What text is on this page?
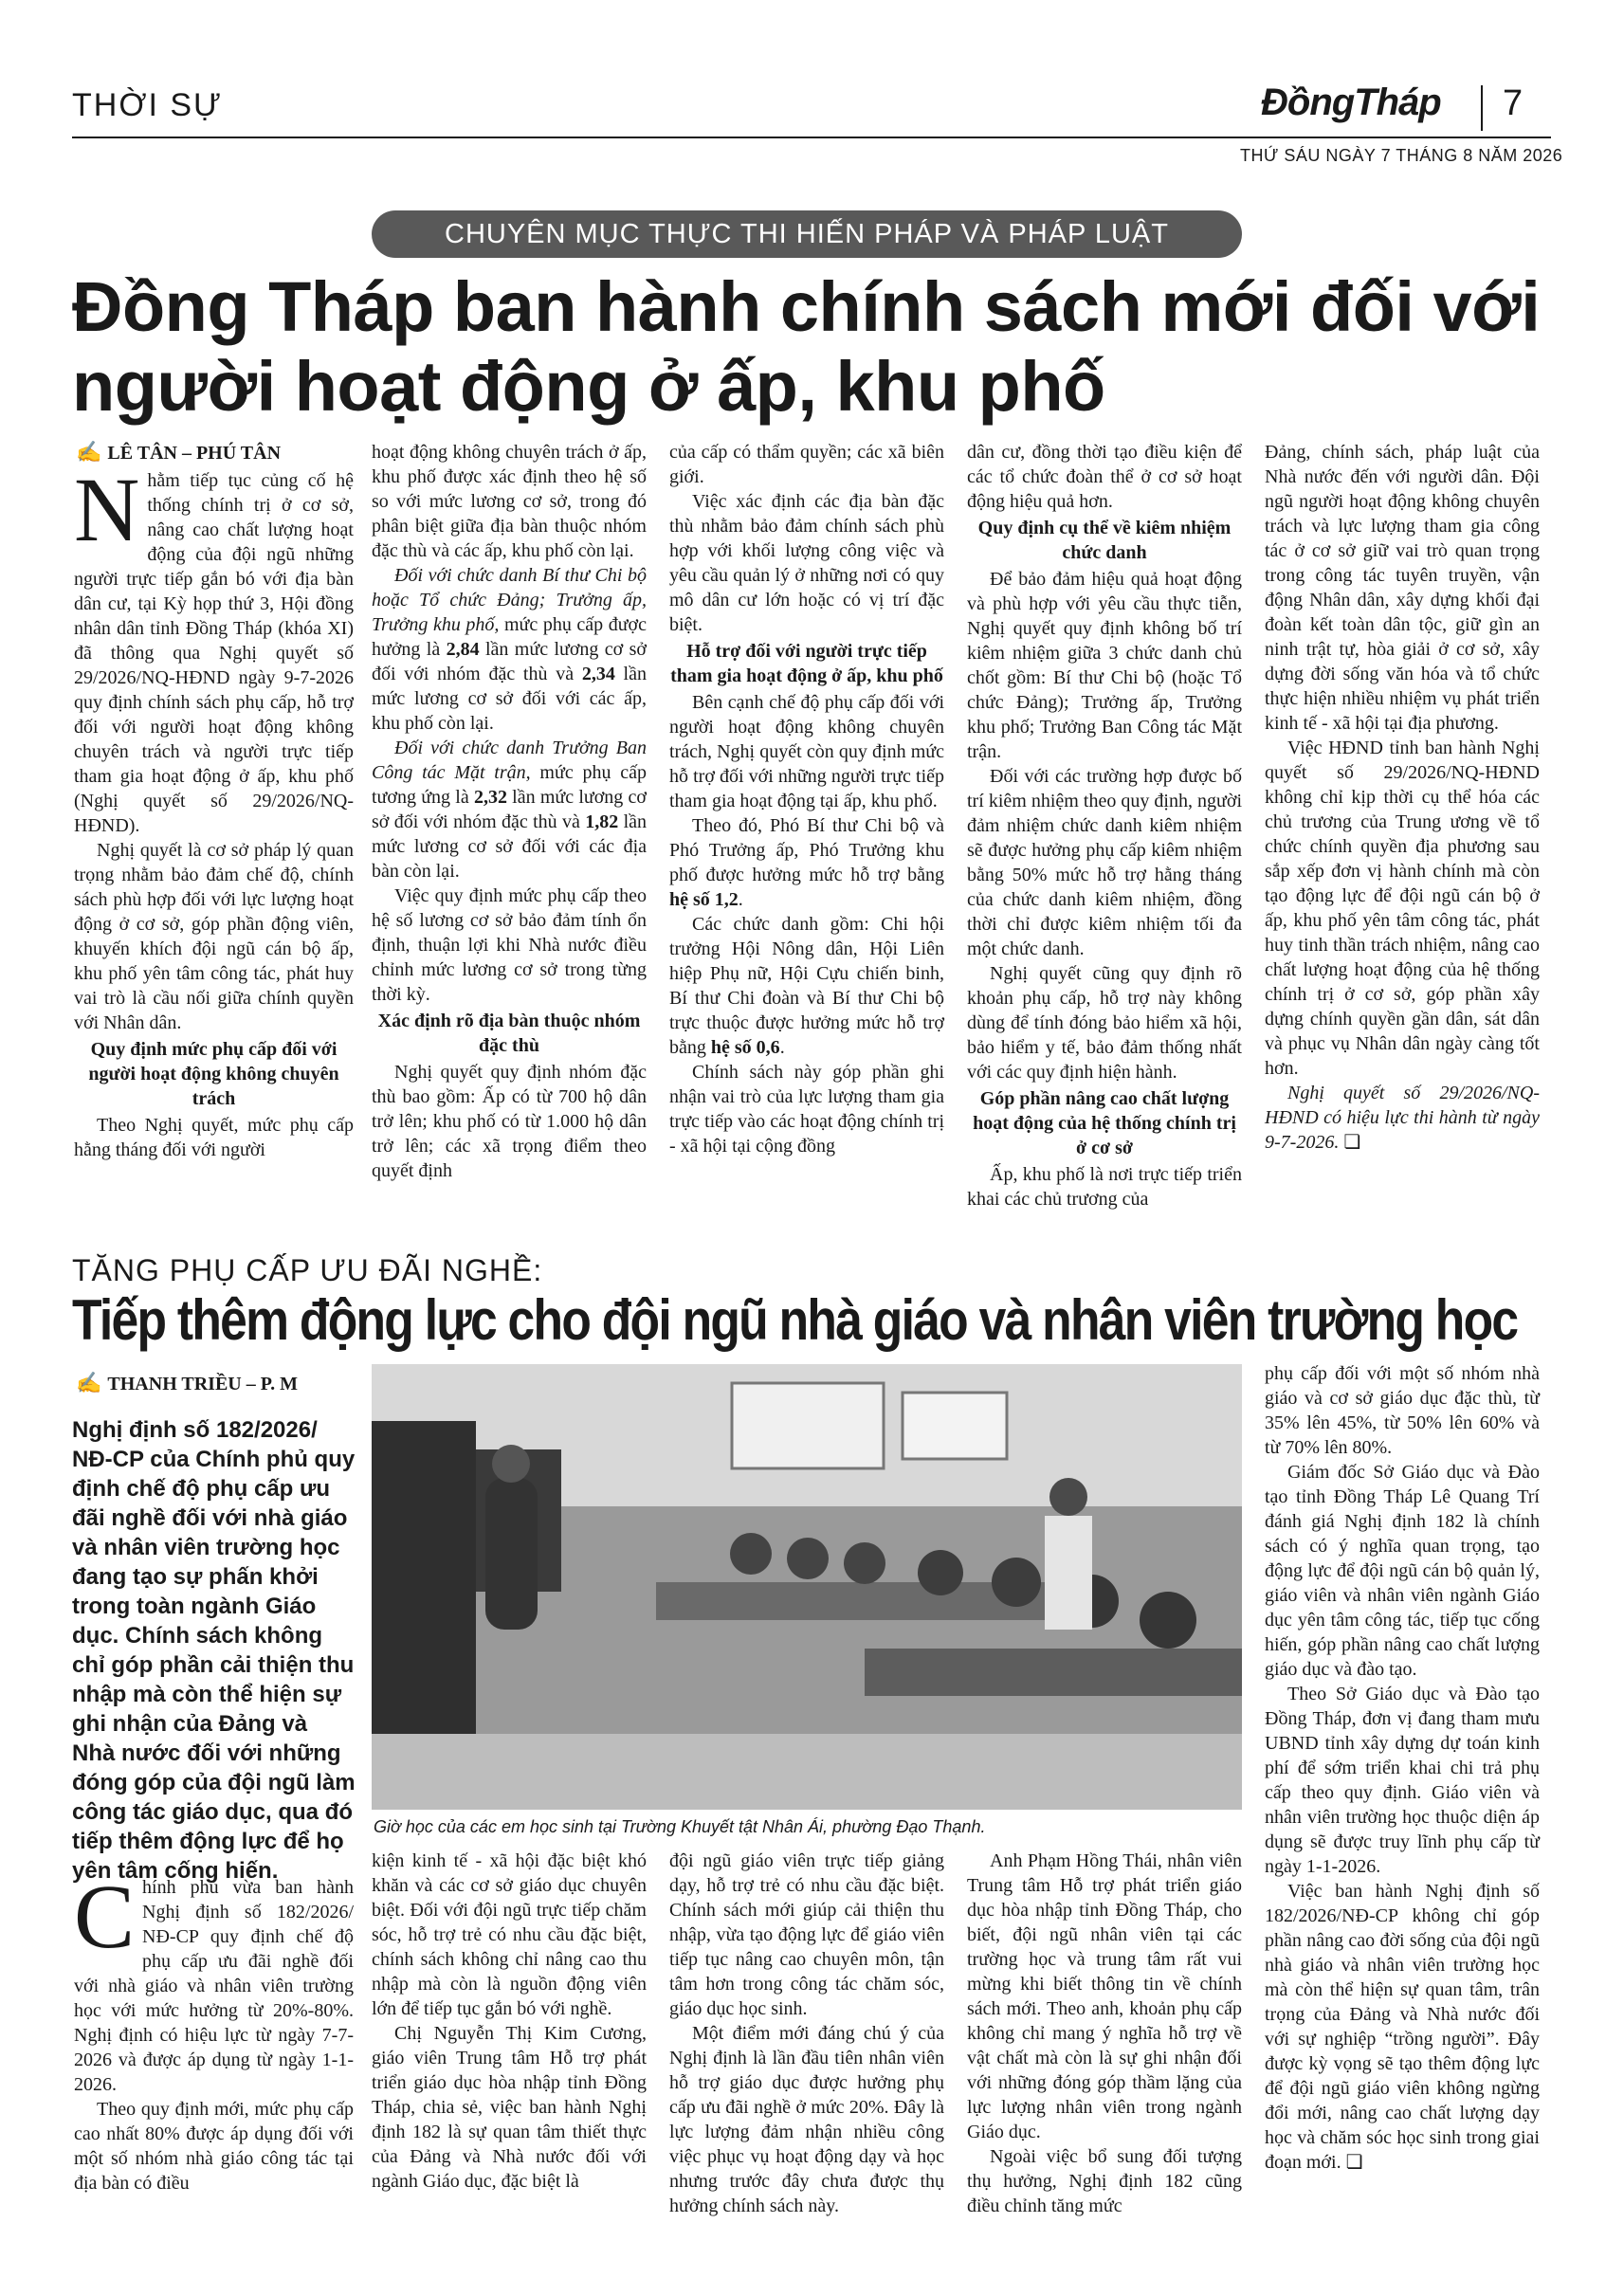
THỜI SỰ	ĐồngTháp 7
THỨ SÁU NGÀY 7 THÁNG 8 NĂM 2026
CHUYÊN MỤC THỰC THI HIẾN PHÁP VÀ PHÁP LUẬT
Đồng Tháp ban hành chính sách mới đối với
người hoạt động ở ấp, khu phố
✍ LÊ TÂN – PHÚ TÂN
N hằm tiếp tục củng cố hệ thống chính trị ở cơ sở, nâng cao chất lượng hoạt động của đội ngũ những người trực tiếp gắn bó với địa bàn dân cư, tại Kỳ họp thứ 3, Hội đồng nhân dân tỉnh Đồng Tháp (khóa XI) đã thông qua Nghị quyết số 29/2026/NQ-HĐND ngày 9-7-2026 quy định chính sách phụ cấp, hỗ trợ đối với người hoạt động không chuyên trách và người trực tiếp tham gia hoạt động ở ấp, khu phố (Nghị quyết số 29/2026/NQ-HĐND).

Nghị quyết là cơ sở pháp lý quan trọng nhằm bảo đảm chế độ, chính sách phù hợp đối với lực lượng hoạt động ở cơ sở, góp phần động viên, khuyến khích đội ngũ cán bộ ấp, khu phố yên tâm công tác, phát huy vai trò là cầu nối giữa chính quyền với Nhân dân.

Quy định mức phụ cấp đối với người hoạt động không chuyên trách

Theo Nghị quyết, mức phụ cấp hằng tháng đối với người

hoạt động không chuyên trách ở ấp, khu phố được xác định theo hệ số so với mức lương cơ sở, trong đó phân biệt giữa địa bàn thuộc nhóm đặc thù và các ấp, khu phố còn lại.

Đối với chức danh Bí thư Chi bộ hoặc Tổ chức Đảng; Trưởng ấp, Trưởng khu phố, mức phụ cấp được hưởng là 2,84 lần mức lương cơ sở đối với nhóm đặc thù và 2,34 lần mức lương cơ sở đối với các ấp, khu phố còn lại.

Đối với chức danh Trưởng Ban Công tác Mặt trận, mức phụ cấp tương ứng là 2,32 lần mức lương cơ sở đối với nhóm đặc thù và 1,82 lần mức lương cơ sở đối với các địa bàn còn lại.

Việc quy định mức phụ cấp theo hệ số lương cơ sở bảo đảm tính ổn định, thuận lợi khi Nhà nước điều chỉnh mức lương cơ sở trong từng thời kỳ.

Xác định rõ địa bàn thuộc nhóm đặc thù

Nghị quyết quy định nhóm đặc thù bao gồm: Ấp có từ 700 hộ dân trở lên; khu phố có từ 1.000 hộ dân trở lên; các xã trọng điểm theo quyết định

của cấp có thẩm quyền; các xã biên giới.

Việc xác định các địa bàn đặc thù nhằm bảo đảm chính sách phù hợp với khối lượng công việc và yêu cầu quản lý ở những nơi có quy mô dân cư lớn hoặc có vị trí đặc biệt.

Hỗ trợ đối với người trực tiếp tham gia hoạt động ở ấp, khu phố

Bên cạnh chế độ phụ cấp đối với người hoạt động không chuyên trách, Nghị quyết còn quy định mức hỗ trợ đối với những người trực tiếp tham gia hoạt động tại ấp, khu phố.

Theo đó, Phó Bí thư Chi bộ và Phó Trưởng ấp, Phó Trưởng khu phố được hưởng mức hỗ trợ bằng hệ số 1,2.

Các chức danh gồm: Chi hội trưởng Hội Nông dân, Hội Liên hiệp Phụ nữ, Hội Cựu chiến binh, Bí thư Chi đoàn và Bí thư Chi bộ trực thuộc được hưởng mức hỗ trợ bằng hệ số 0,6.

Chính sách này góp phần ghi nhận vai trò của lực lượng tham gia trực tiếp vào các hoạt động chính trị - xã hội tại cộng đồng

dân cư, đồng thời tạo điều kiện để các tổ chức đoàn thể ở cơ sở hoạt động hiệu quả hơn.

Quy định cụ thể về kiêm nhiệm chức danh

Để bảo đảm hiệu quả hoạt động và phù hợp với yêu cầu thực tiễn, Nghị quyết quy định không bố trí kiêm nhiệm giữa 3 chức danh chủ chốt gồm: Bí thư Chi bộ (hoặc Tổ chức Đảng); Trưởng ấp, Trưởng khu phố; Trưởng Ban Công tác Mặt trận.

Đối với các trường hợp được bố trí kiêm nhiệm theo quy định, người đảm nhiệm chức danh kiêm nhiệm sẽ được hưởng phụ cấp kiêm nhiệm bằng 50% mức hỗ trợ hằng tháng của chức danh kiêm nhiệm, đồng thời chỉ được kiêm nhiệm tối đa một chức danh.

Nghị quyết cũng quy định rõ khoản phụ cấp, hỗ trợ này không dùng để tính đóng bảo hiểm xã hội, bảo hiểm y tế, bảo đảm thống nhất với các quy định hiện hành.

Góp phần nâng cao chất lượng hoạt động của hệ thống chính trị ở cơ sở

Ấp, khu phố là nơi trực tiếp triển khai các chủ trương của

Đảng, chính sách, pháp luật của Nhà nước đến với người dân. Đội ngũ người hoạt động không chuyên trách và lực lượng tham gia công tác ở cơ sở giữ vai trò quan trọng trong công tác tuyên truyền, vận động Nhân dân, xây dựng khối đại đoàn kết toàn dân tộc, giữ gìn an ninh trật tự, hòa giải ở cơ sở, xây dựng đời sống văn hóa và tổ chức thực hiện nhiều nhiệm vụ phát triển kinh tế - xã hội tại địa phương.

Việc HĐND tỉnh ban hành Nghị quyết số 29/2026/NQ-HĐND không chỉ kịp thời cụ thể hóa các chủ trương của Trung ương về tổ chức chính quyền địa phương sau sắp xếp đơn vị hành chính mà còn tạo động lực để đội ngũ cán bộ ở ấp, khu phố yên tâm công tác, phát huy tinh thần trách nhiệm, nâng cao chất lượng hoạt động của hệ thống chính trị ở cơ sở, góp phần xây dựng chính quyền gần dân, sát dân và phục vụ Nhân dân ngày càng tốt hơn.

Nghị quyết số 29/2026/NQ-HĐND có hiệu lực thi hành từ ngày 9-7-2026. ❏

TĂNG PHỤ CẤP ƯU ĐÃI NGHỀ:
Tiếp thêm động lực cho đội ngũ nhà giáo và nhân viên trường học
✍ THANH TRIỀU – P. M
Nghị định số 182/2026/ NĐ-CP của Chính phủ quy định chế độ phụ cấp ưu đãi nghề đối với nhà giáo và nhân viên trường học đang tạo sự phấn khởi trong toàn ngành Giáo dục. Chính sách không chỉ góp phần cải thiện thu nhập mà còn thể hiện sự ghi nhận của Đảng và Nhà nước đối với những đóng góp của đội ngũ làm công tác giáo dục, qua đó tiếp thêm động lực để họ yên tâm cống hiến.
Giờ học của các em học sinh tại Trường Khuyết tật Nhân Ái, phường Đạo Thạnh.
C hính phủ vừa ban hành Nghị định số 182/2026/ NĐ-CP quy định chế độ phụ cấp ưu đãi nghề đối với nhà giáo và nhân viên trường học với mức hưởng từ 20%-80%. Nghị định có hiệu lực từ ngày 7-7-2026 và được áp dụng từ ngày 1-1-2026.

Theo quy định mới, mức phụ cấp cao nhất 80% được áp dụng đối với một số nhóm nhà giáo công tác tại địa bàn có điều

kiện kinh tế - xã hội đặc biệt khó khăn và các cơ sở giáo dục chuyên biệt. Đối với đội ngũ trực tiếp chăm sóc, hỗ trợ trẻ có nhu cầu đặc biệt, chính sách không chỉ nâng cao thu nhập mà còn là nguồn động viên lớn để tiếp tục gắn bó với nghề.

Chị Nguyễn Thị Kim Cương, giáo viên Trung tâm Hỗ trợ phát triển giáo dục hòa nhập tỉnh Đồng Tháp, chia sẻ, việc ban hành Nghị định 182 là sự quan tâm thiết thực của Đảng và Nhà nước đối với ngành Giáo dục, đặc biệt là

đội ngũ giáo viên trực tiếp giảng dạy, hỗ trợ trẻ có nhu cầu đặc biệt. Chính sách mới giúp cải thiện thu nhập, vừa tạo động lực để giáo viên tiếp tục nâng cao chuyên môn, tận tâm hơn trong công tác chăm sóc, giáo dục học sinh.

Một điểm mới đáng chú ý của Nghị định là lần đầu tiên nhân viên hỗ trợ giáo dục được hưởng phụ cấp ưu đãi nghề ở mức 20%. Đây là lực lượng đảm nhận nhiều công việc phục vụ hoạt động dạy và học nhưng trước đây chưa được thụ hưởng chính sách này.

Anh Phạm Hồng Thái, nhân viên Trung tâm Hỗ trợ phát triển giáo dục hòa nhập tỉnh Đồng Tháp, cho biết, đội ngũ nhân viên tại các trường học và trung tâm rất vui mừng khi biết thông tin về chính sách mới. Theo anh, khoản phụ cấp không chỉ mang ý nghĩa hỗ trợ về vật chất mà còn là sự ghi nhận đối với những đóng góp thầm lặng của lực lượng nhân viên trong ngành Giáo dục.

Ngoài việc bổ sung đối tượng thụ hưởng, Nghị định 182 cũng điều chỉnh tăng mức

phụ cấp đối với một số nhóm nhà giáo và cơ sở giáo dục đặc thù, từ 35% lên 45%, từ 50% lên 60% và từ 70% lên 80%.

Giám đốc Sở Giáo dục và Đào tạo tỉnh Đồng Tháp Lê Quang Trí đánh giá Nghị định 182 là chính sách có ý nghĩa quan trọng, tạo động lực để đội ngũ cán bộ quản lý, giáo viên và nhân viên ngành Giáo dục yên tâm công tác, tiếp tục cống hiến, góp phần nâng cao chất lượng giáo dục và đào tạo.

Theo Sở Giáo dục và Đào tạo Đồng Tháp, đơn vị đang tham mưu UBND tỉnh xây dựng dự toán kinh phí để sớm triển khai chi trả phụ cấp theo quy định. Giáo viên và nhân viên trường học thuộc diện áp dụng sẽ được truy lĩnh phụ cấp từ ngày 1-1-2026.

Việc ban hành Nghị định số 182/2026/NĐ-CP không chỉ góp phần nâng cao đời sống của đội ngũ nhà giáo và nhân viên trường học mà còn thể hiện sự quan tâm, trân trọng của Đảng và Nhà nước đối với sự nghiệp “trồng người”. Đây được kỳ vọng sẽ tạo thêm động lực để đội ngũ giáo viên không ngừng đổi mới, nâng cao chất lượng dạy học và chăm sóc học sinh trong giai đoạn mới. ❏
